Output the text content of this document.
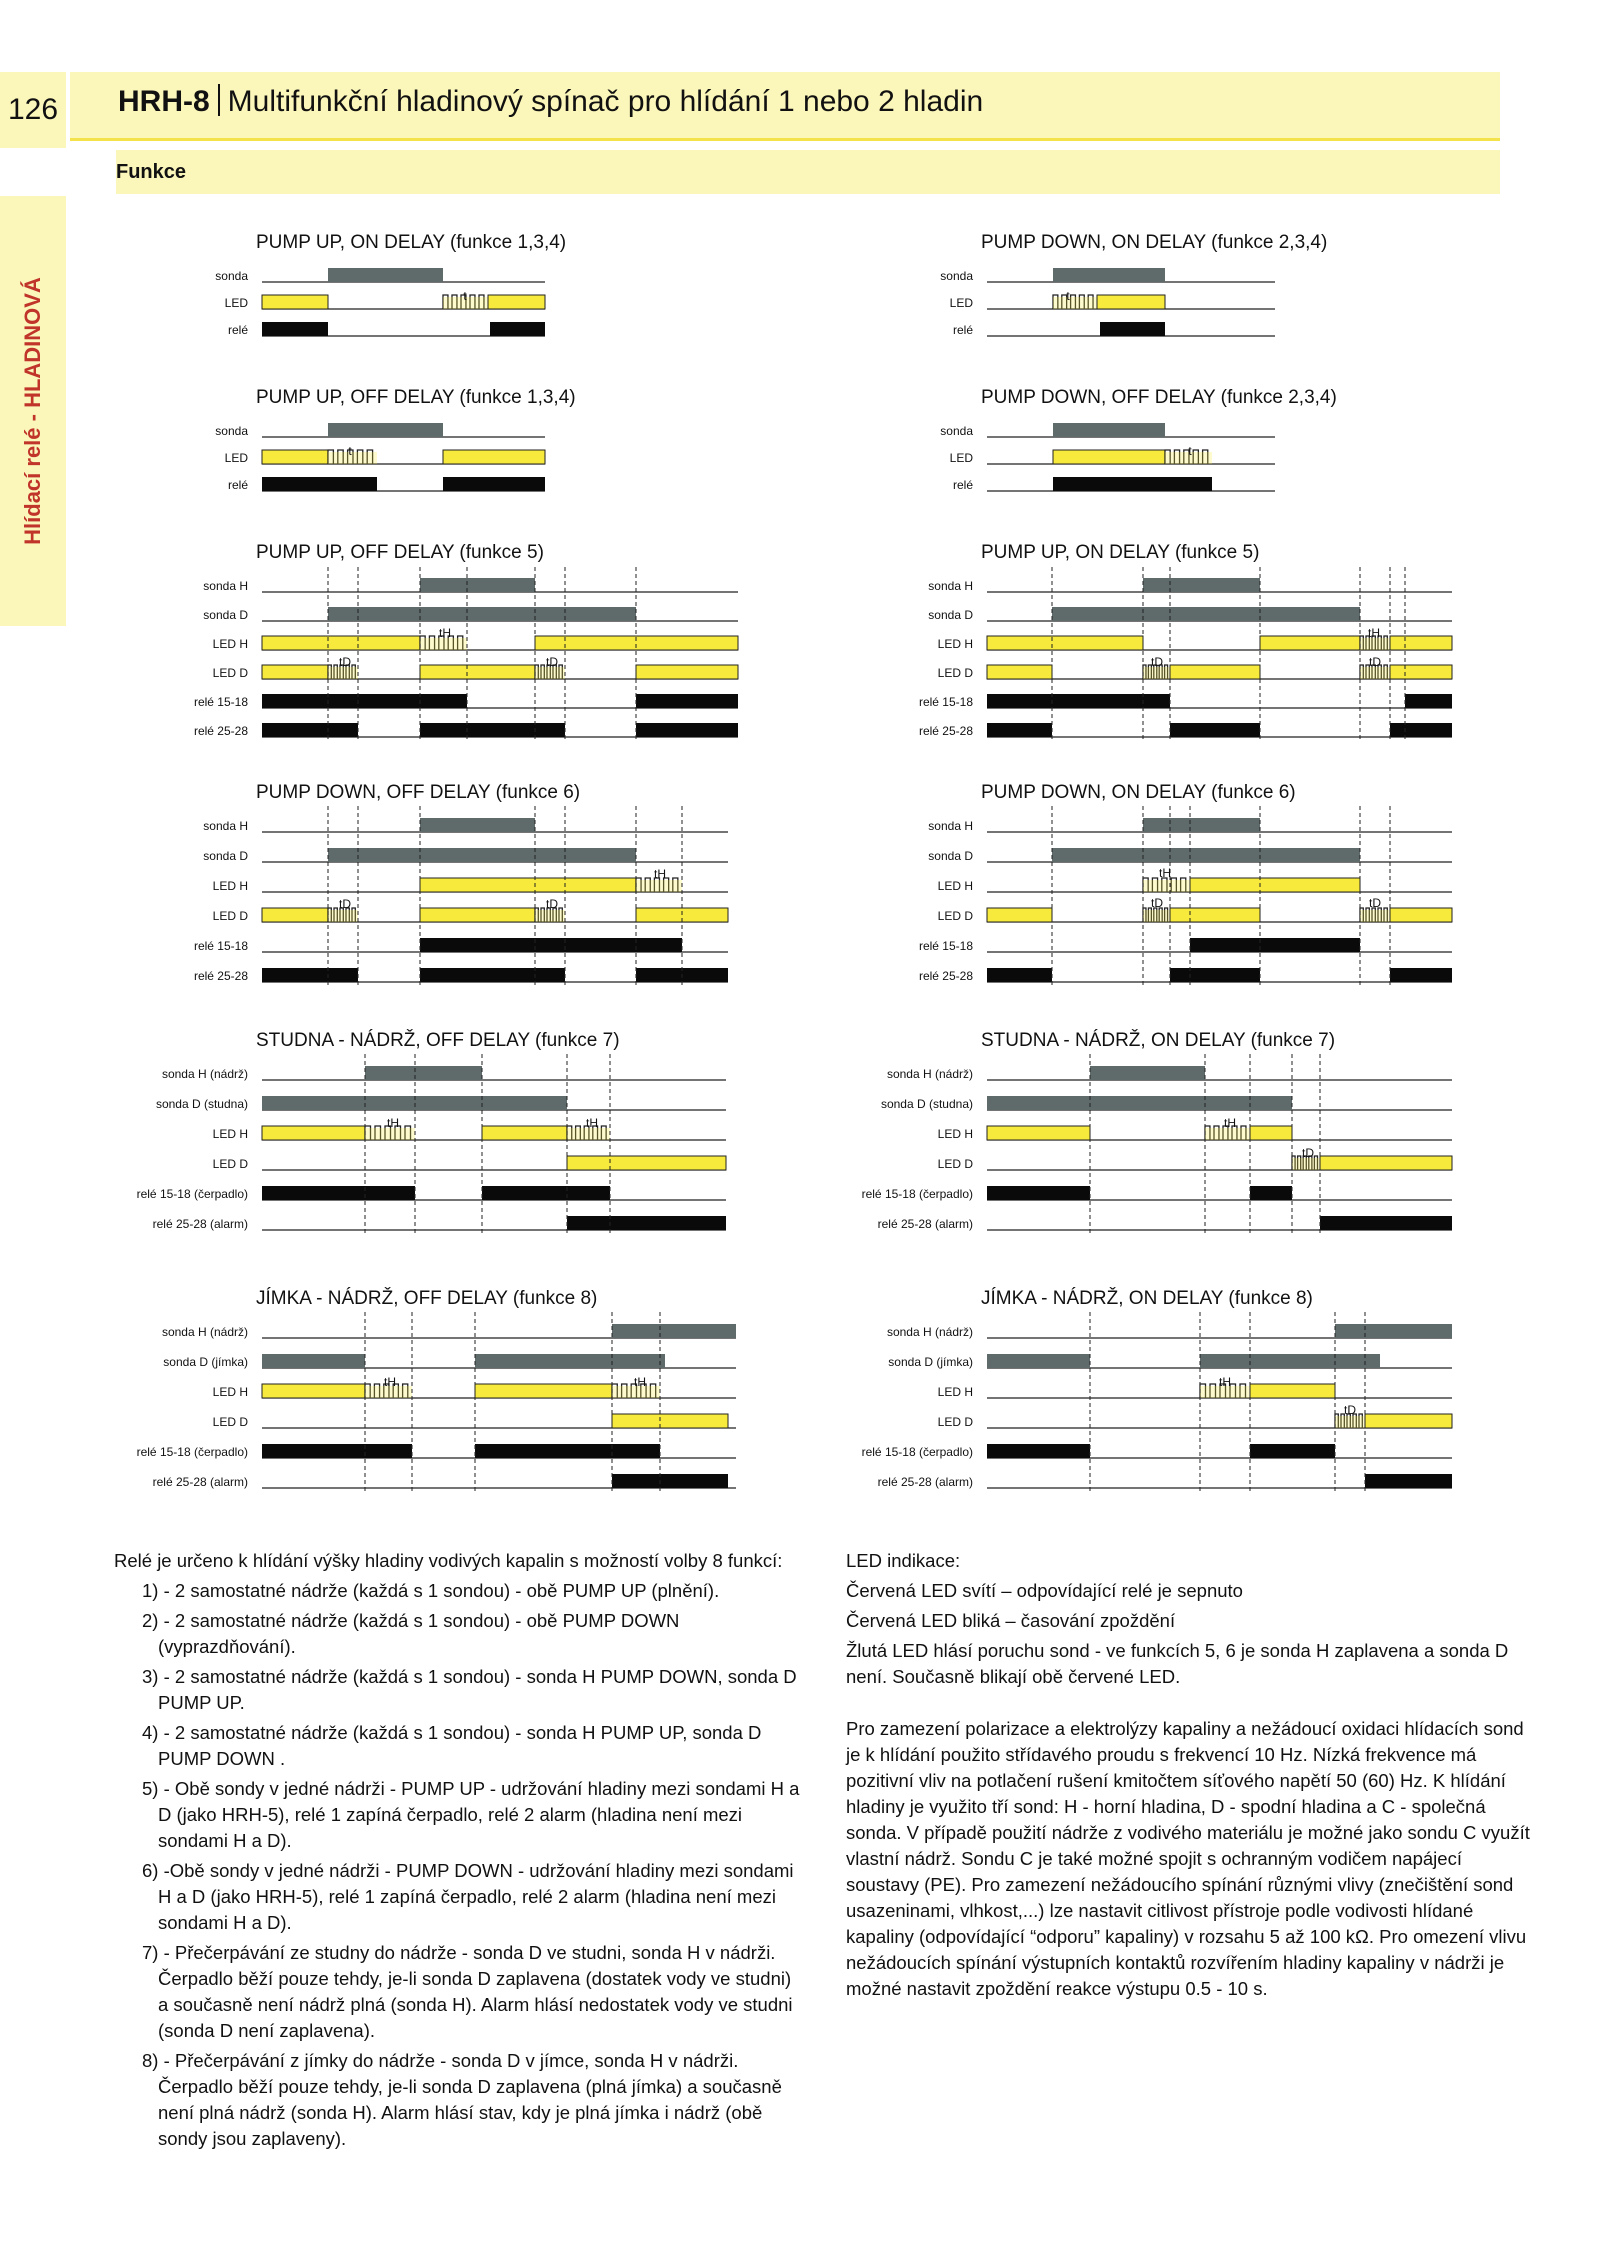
126 HRH-8 Multifunkční hladinový spínač pro hlídání 1 nebo 2 hladin
Funkce
Hlídací relé - HLADINOVÁ
PUMP UP, ON DELAY (funkce 1,3,4)
sonda
LED
relé
t
PUMP DOWN, ON DELAY (funkce 2,3,4)
sonda
LED
relé
t
PUMP UP, OFF DELAY (funkce 1,3,4)
sonda
LED
relé
t
PUMP DOWN, OFF DELAY (funkce 2,3,4)
sonda
LED
relé
t
PUMP UP, OFF DELAY (funkce 5)
sonda H
sonda D
LED H
LED D
relé 15-18
relé 25-28
tH
tD	tD
PUMP UP, ON DELAY (funkce 5)
sonda H
sonda D
LED H
LED D
relé 15-18
relé 25-28
tH
tD	tD
PUMP DOWN, OFF DELAY (funkce 6)
sonda H
sonda D
LED H
LED D
relé 15-18
relé 25-28
tH
tD	tD
PUMP DOWN, ON DELAY (funkce 6)
sonda H
sonda D
LED H
LED D
relé 15-18
relé 25-28
tH
tD	tD
STUDNA - NÁDRŽ, OFF DELAY (funkce 7)
sonda H (nádrž)
sonda D (studna)
LED H
LED D
relé 15-18 (čerpadlo)
relé 25-28 (alarm)
tH	tH
STUDNA - NÁDRŽ, ON DELAY (funkce 7)
sonda H (nádrž)
sonda D (studna)
LED H
LED D
relé 15-18 (čerpadlo)
relé 25-28 (alarm)
tH
tD
JÍMKA - NÁDRŽ, OFF DELAY (funkce 8)
sonda H (nádrž)
sonda D (jímka)
LED H
LED D
relé 15-18 (čerpadlo)
relé 25-28 (alarm)
tH	tH
JÍMKA - NÁDRŽ, ON DELAY (funkce 8)
sonda H (nádrž)
sonda D (jímka)
LED H
LED D
relé 15-18 (čerpadlo)
relé 25-28 (alarm)
tH
tD

Relé je určeno k hlídání výšky hladiny vodivých kapalin s možností volby 8 funkcí:

1) - 2 samostatné nádrže (každá s 1 sondou) - obě PUMP UP (plnění).

2) - 2 samostatné nádrže (každá s 1 sondou) - obě PUMP DOWN (vyprazdňování).

3) - 2 samostatné nádrže (každá s 1 sondou) - sonda H PUMP DOWN, sonda D PUMP UP.

4) - 2 samostatné nádrže (každá s 1 sondou) - sonda H PUMP UP, sonda D PUMP DOWN .

5) - Obě sondy v jedné nádrži - PUMP UP - udržování hladiny mezi sondami H a D (jako HRH-5), relé 1 zapíná čerpadlo, relé 2 alarm (hladina není mezi sondami H a D).

6) -Obě sondy v jedné nádrži - PUMP DOWN - udržování hladiny mezi sondami H a D (jako HRH-5), relé 1 zapíná čerpadlo, relé 2 alarm (hladina není mezi sondami H a D).

7) - Přečerpávání ze studny do nádrže - sonda D ve studni, sonda H v nádrži. Čerpadlo běží pouze tehdy, je-li sonda D zaplavena (dostatek vody ve studni) a současně není nádrž plná (sonda H). Alarm hlásí nedostatek vody ve studni (sonda D není zaplavena).

8) - Přečerpávání z jímky do nádrže - sonda D v jímce, sonda H v nádrži. Čerpadlo běží pouze tehdy, je-li sonda D zaplavena (plná jímka) a současně není plná nádrž (sonda H). Alarm hlásí stav, kdy je plná jímka i nádrž (obě sondy jsou zaplaveny).

LED indikace:

Červená LED svítí – odpovídající relé je sepnuto

Červená LED bliká – časování zpoždění

Žlutá LED hlásí poruchu sond - ve funkcích 5, 6 je sonda H zaplavena a sonda D není. Současně blikají obě červené LED.

Pro zamezení polarizace a elektrolýzy kapaliny a nežádoucí oxidaci hlídacích sond je k hlídání použito střídavého proudu s frekvencí 10 Hz. Nízká frekvence má pozitivní vliv na potlačení rušení kmitočtem síťového napětí 50 (60) Hz. K hlídání hladiny je využito tří sond: H - horní hladina, D - spodní hladina a C - společná sonda. V případě použití nádrže z vodivého materiálu je možné jako sondu C využít vlastní nádrž. Sondu C je také možné spojit s ochranným vodičem napájecí soustavy (PE). Pro zamezení nežádoucího spínání různými vlivy (znečištění sond usazeninami, vlhkost,...) lze nastavit citlivost přístroje podle vodivosti hlídané kapaliny (odpovídající “odporu” kapaliny) v rozsahu 5 až 100 kΩ. Pro omezení vlivu nežádoucích spínání výstupních kontaktů rozvířením hladiny kapaliny v nádrži je možné nastavit zpoždění reakce výstupu 0.5 - 10 s.
